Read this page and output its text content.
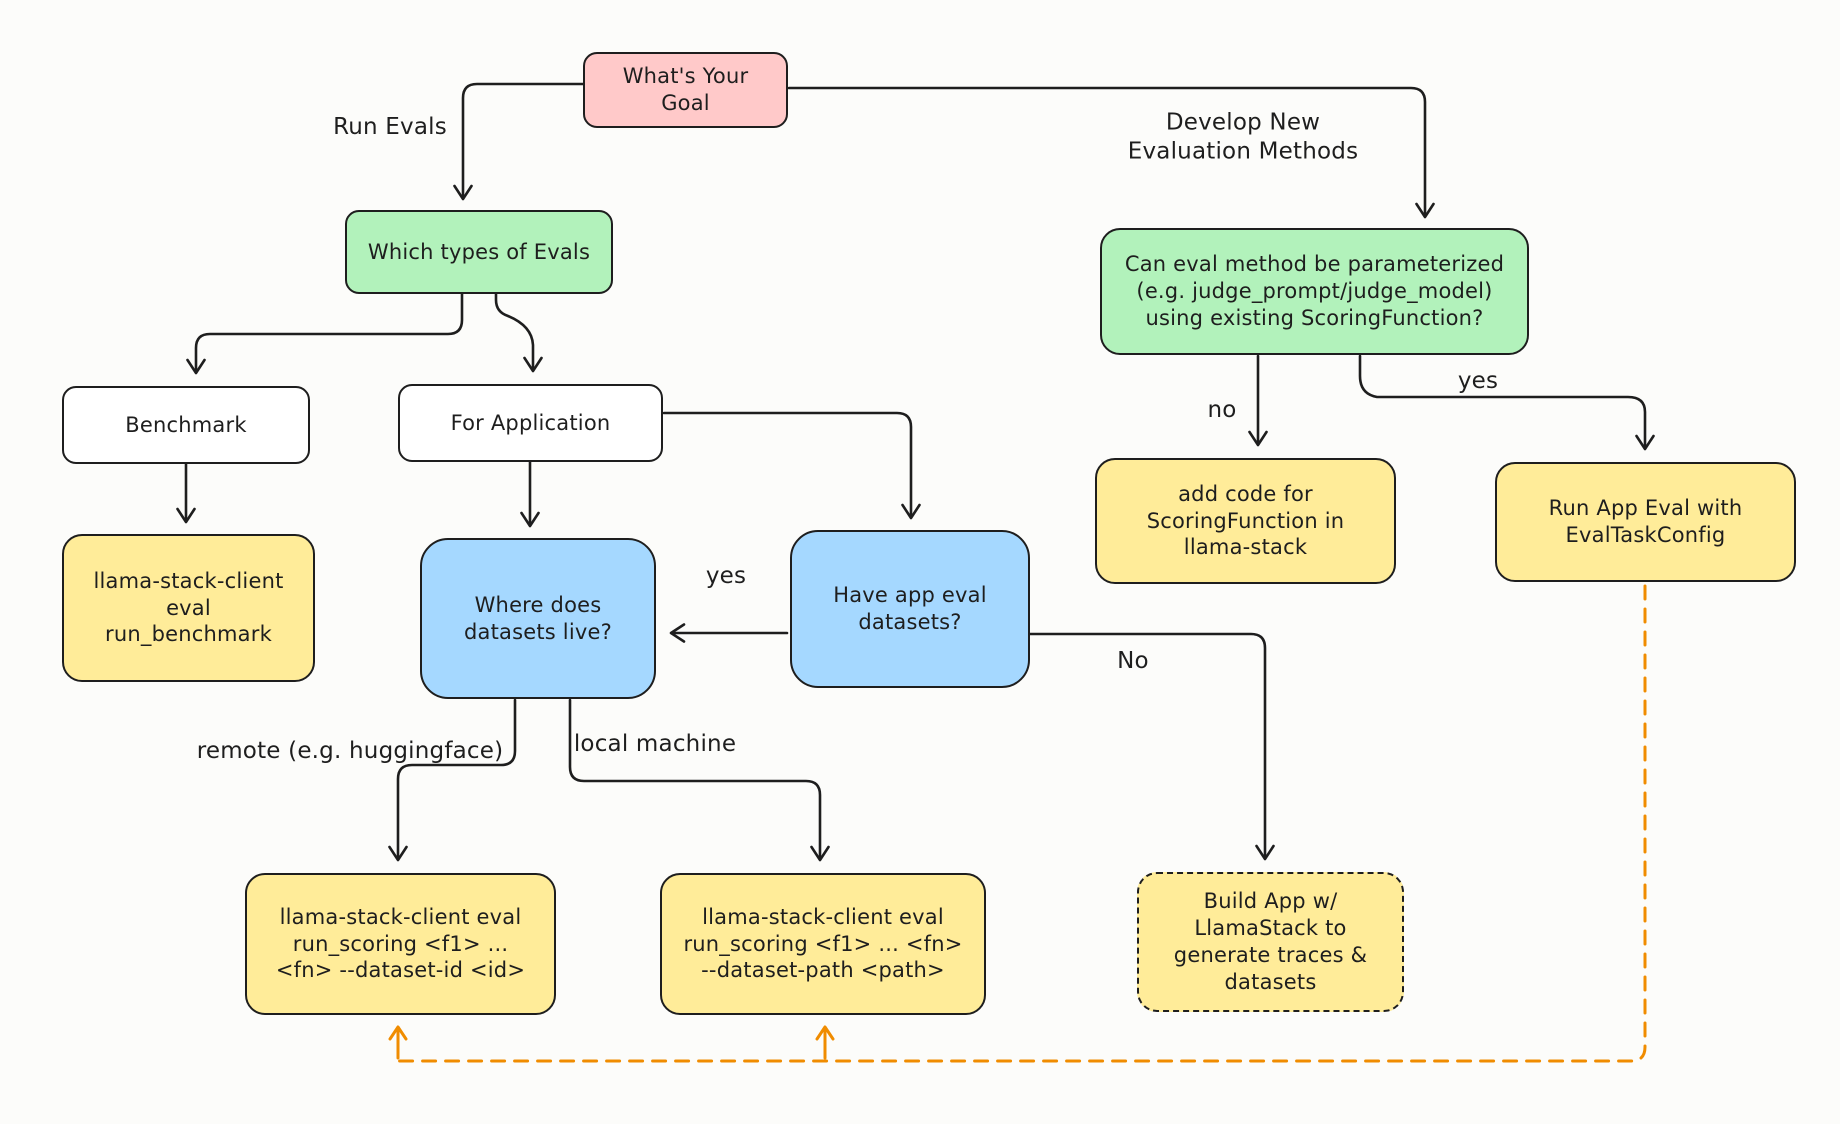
What's Your Goal
Which types of Evals
Benchmark	For Application
llama-stack-client eval run_benchmark
Where does datasets live?
Have app eval datasets?
Can eval method be parameterized (e.g. judge_prompt/judge_model) using existing ScoringFunction?
add code for ScoringFunction in llama-stack
Run App Eval with EvalTaskConfig
llama-stack-client eval run_scoring <f1> ... <fn> --dataset-id <id>
llama-stack-client eval run_scoring <f1> ... <fn> --dataset-path <path>
Build App w/ LlamaStack to generate traces & datasets
Run Evals	Develop New Evaluation Methods
no
yes
yes
No
remote (e.g. huggingface)	local machine
